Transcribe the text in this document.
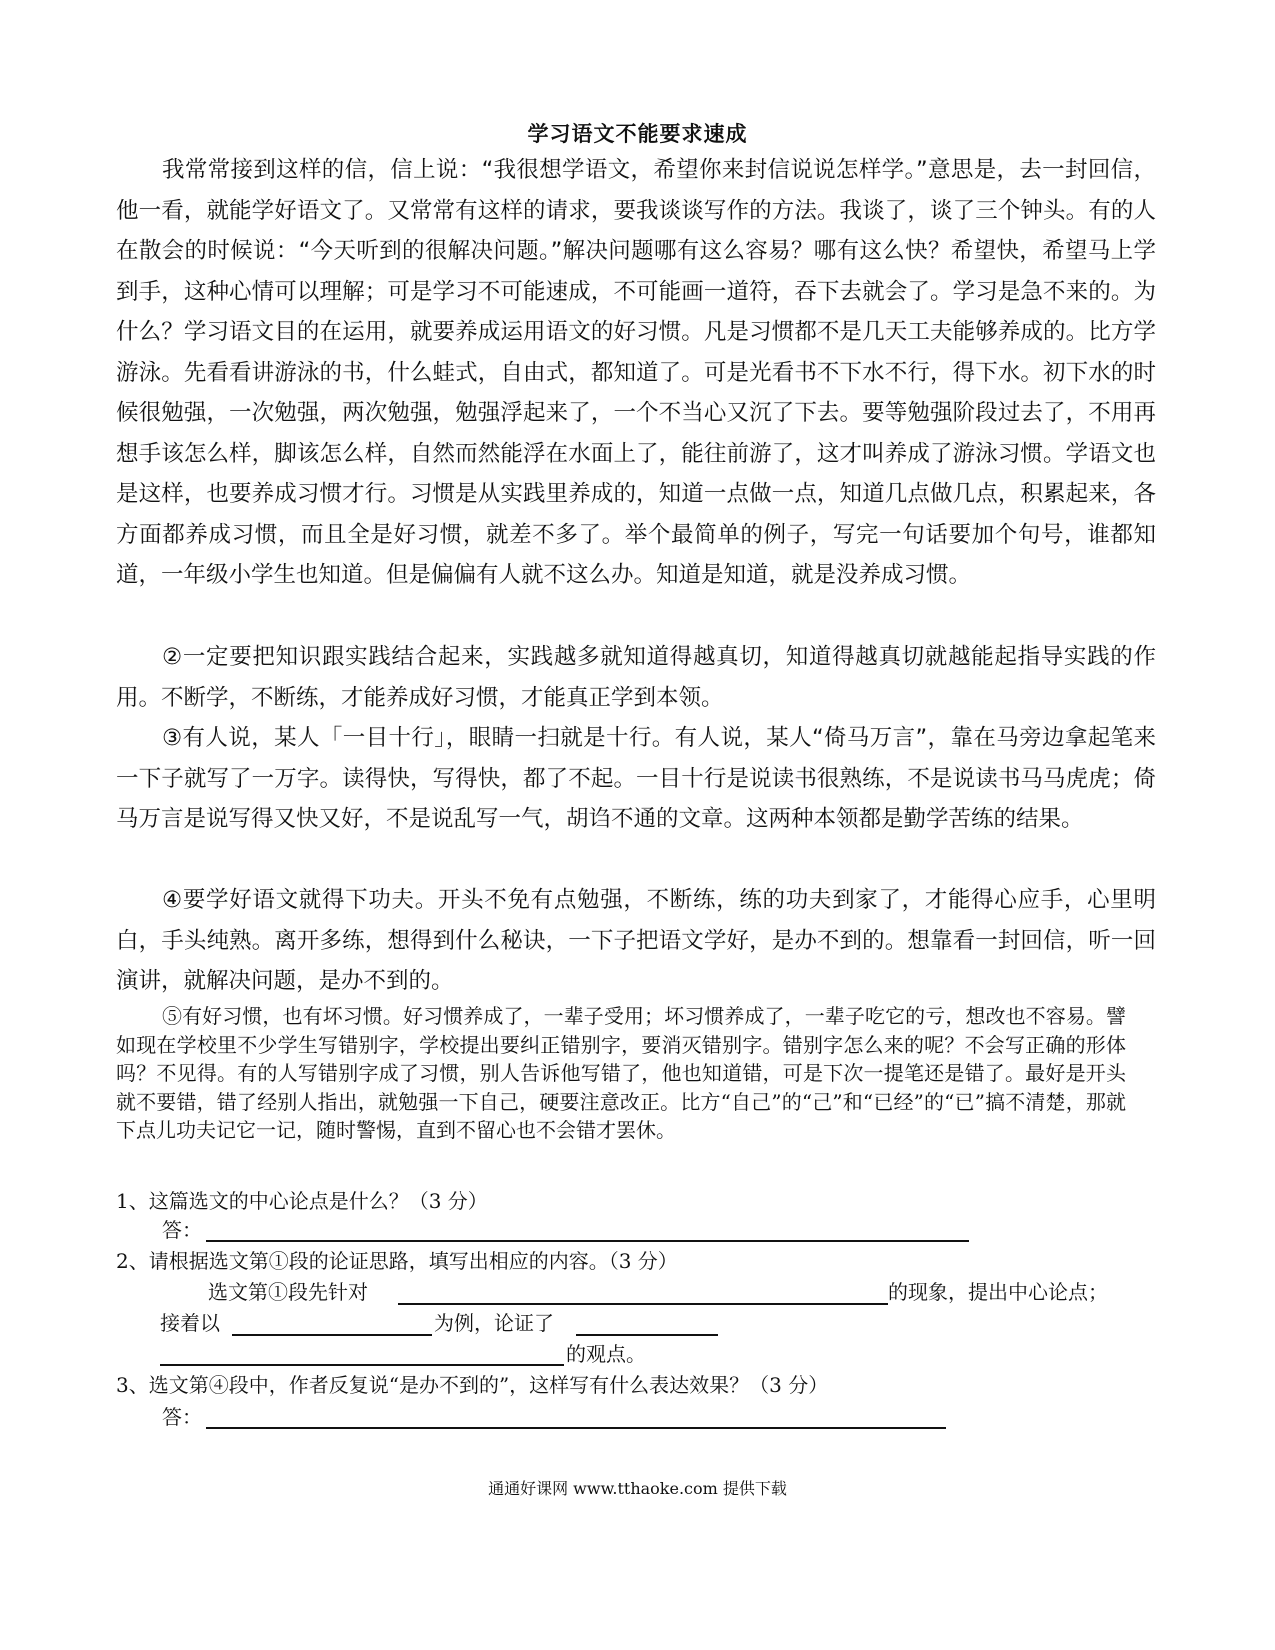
学习语文不能要求速成

我常常接到这样的信，信上说：“我很想学语文，希望你来封信说说怎样学。”意思是，去一封回信，他一看，就能学好语文了。又常常有这样的请求，要我谈谈写作的方法。我谈了，谈了三个钟头。有的人在散会的时候说：“今天听到的很解决问题。”解决问题哪有这么容易？哪有这么快？希望快，希望马上学到手，这种心情可以理解；可是学习不可能速成，不可能画一道符，吞下去就会了。学习是急不来的。为什么？学习语文目的在运用，就要养成运用语文的好习惯。凡是习惯都不是几天工夫能够养成的。比方学游泳。先看看讲游泳的书，什么蛙式，自由式，都知道了。可是光看书不下水不行，得下水。初下水的时候很勉强，一次勉强，两次勉强，勉强浮起来了，一个不当心又沉了下去。要等勉强阶段过去了，不用再想手该怎么样，脚该怎么样，自然而然能浮在水面上了，能往前游了，这才叫养成了游泳习惯。学语文也是这样，也要养成习惯才行。习惯是从实践里养成的，知道一点做一点，知道几点做几点，积累起来，各方面都养成习惯，而且全是好习惯，就差不多了。举个最简单的例子，写完一句话要加个句号，谁都知道，一年级小学生也知道。但是偏偏有人就不这么办。知道是知道，就是没养成习惯。

②一定要把知识跟实践结合起来，实践越多就知道得越真切，知道得越真切就越能起指导实践的作用。不断学，不断练，才能养成好习惯，才能真正学到本领。

③有人说，某人「一目十行」，眼睛一扫就是十行。有人说，某人“倚马万言”，靠在马旁边拿起笔来一下子就写了一万字。读得快，写得快，都了不起。一目十行是说读书很熟练，不是说读书马马虎虎；倚马万言是说写得又快又好，不是说乱写一气，胡诌不通的文章。这两种本领都是勤学苦练的结果。

④要学好语文就得下功夫。开头不免有点勉强，不断练，练的功夫到家了，才能得心应手，心里明白，手头纯熟。离开多练，想得到什么秘诀，一下子把语文学好，是办不到的。想靠看一封回信，听一回演讲，就解决问题，是办不到的。

⑤有好习惯，也有坏习惯。好习惯养成了，一辈子受用；坏习惯养成了，一辈子吃它的亏，想改也不容易。譬如现在学校里不少学生写错别字，学校提出要纠正错别字，要消灭错别字。错别字怎么来的呢？不会写正确的形体吗？不见得。有的人写错别字成了习惯，别人告诉他写错了，他也知道错，可是下次一提笔还是错了。最好是开头就不要错，错了经别人指出，就勉强一下自己，硬要注意改正。比方“自己”的“己”和“已经”的“已”搞不清楚，那就下点儿功夫记它一记，随时警惕，直到不留心也不会错才罢休。

1、这篇选文的中心论点是什么？（3 分）
答：
2、请根据选文第①段的论证思路，填写出相应的内容。（3 分）
选文第①段先针对	的现象，提出中心论点；
接着以	为例，论证了
的观点。
3、选文第④段中，作者反复说“是办不到的”，这样写有什么表达效果？（3 分）
答：
通通好课网 www.tthaoke.com 提供下载
